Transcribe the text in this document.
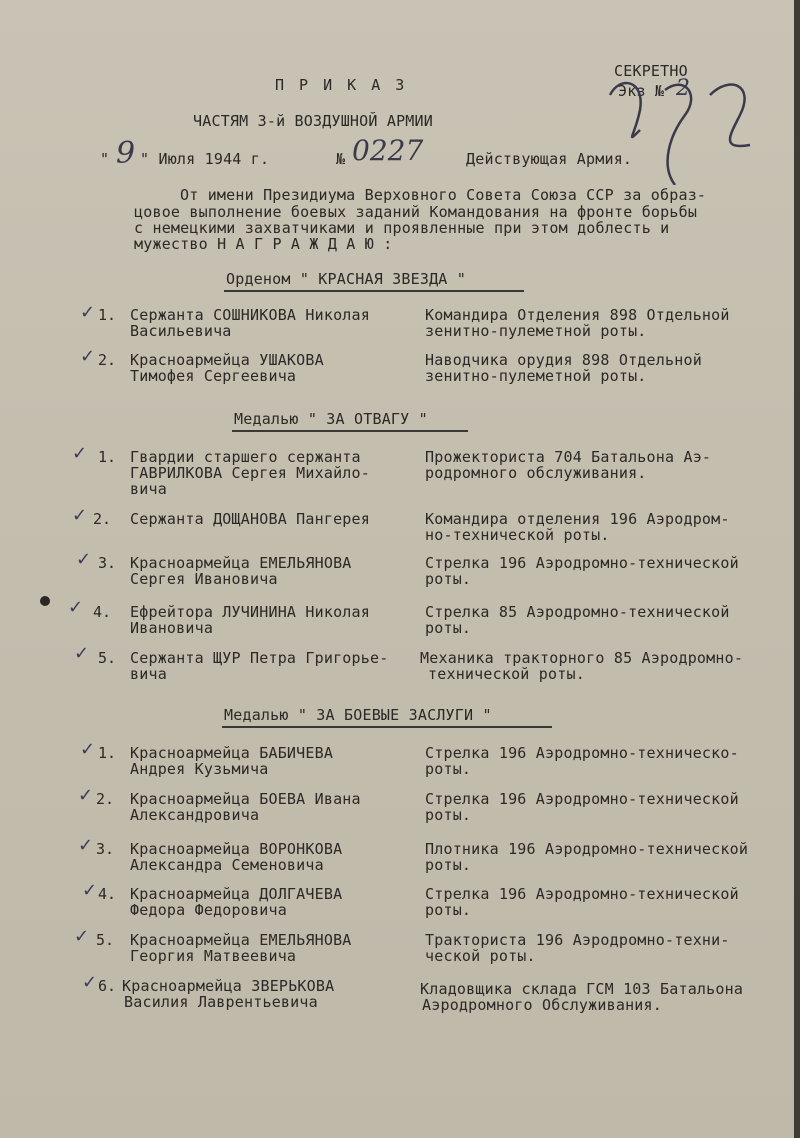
СЕКРЕТНО
Экз № 2
П Р И К А З
ЧАСТЯМ 3-й ВОЗДУШНОЙ АРМИИ
" 9 " Июля 1944 г.	№ 0227	Действующая Армия.
От имени Президиума Верховного Совета Союза ССР за образ-
цовое выполнение боевых заданий Командования на фронте борьбы
с немецкими захватчиками и проявленные при этом доблесть и
мужество Н А Г Р А Ж Д А Ю :
Орденом " КРАСНАЯ ЗВЕЗДА "
✓ 1. Сержанта СОШНИКОВА Николая
Васильевича
Командира Отделения 898 Отдельной
зенитно-пулеметной роты.
✓ 2. Красноармейца УШАКОВА
Тимофея Сергеевича
Наводчика орудия 898 Отдельной
зенитно-пулеметной роты.
Медалью " ЗА ОТВАГУ "
✓ 1. Гвардии старшего сержанта
ГАВРИЛКОВА Сергея Михайло-
вича
Прожекториста 704 Батальона Аэ-
родромного обслуживания.
✓ 2. Сержанта ДОЩАНОВА Пангерея	Командира отделения 196 Аэродром-
но-технической роты.
✓ 3. Красноармейца ЕМЕЛЬЯНОВА
Сергея Ивановича
Стрелка 196 Аэродромно-технической
роты.
✓ 4. Ефрейтора ЛУЧИНИНА Николая
Ивановича
Стрелка 85 Аэродромно-технической
роты.
✓ 5. Сержанта ЩУР Петра Григорье-
вича
Механика тракторного 85 Аэродромно-
технической роты.
Медалью " ЗА БОЕВЫЕ ЗАСЛУГИ "
✓ 1. Красноармейца БАБИЧЕВА
Андрея Кузьмича
Стрелка 196 Аэродромно-техническо-
роты.
✓ 2. Красноармейца БОЕВА Ивана
Александровича
Стрелка 196 Аэродромно-технической
роты.
✓ 3. Красноармейца ВОРОНКОВА
Александра Семеновича
Плотника 196 Аэродромно-технической
роты.
✓ 4. Красноармейца ДОЛГАЧЕВА
Федора Федоровича
Стрелка 196 Аэродромно-технической
роты.
✓ 5. Красноармейца ЕМЕЛЬЯНОВА
Георгия Матвеевича
Тракториста 196 Аэродромно-техни-
ческой роты.
✓ 6. Красноармейца ЗВЕРЬКОВА
Василия Лаврентьевича
Кладовщика склада ГСМ 103 Батальона
Аэродромного Обслуживания.
